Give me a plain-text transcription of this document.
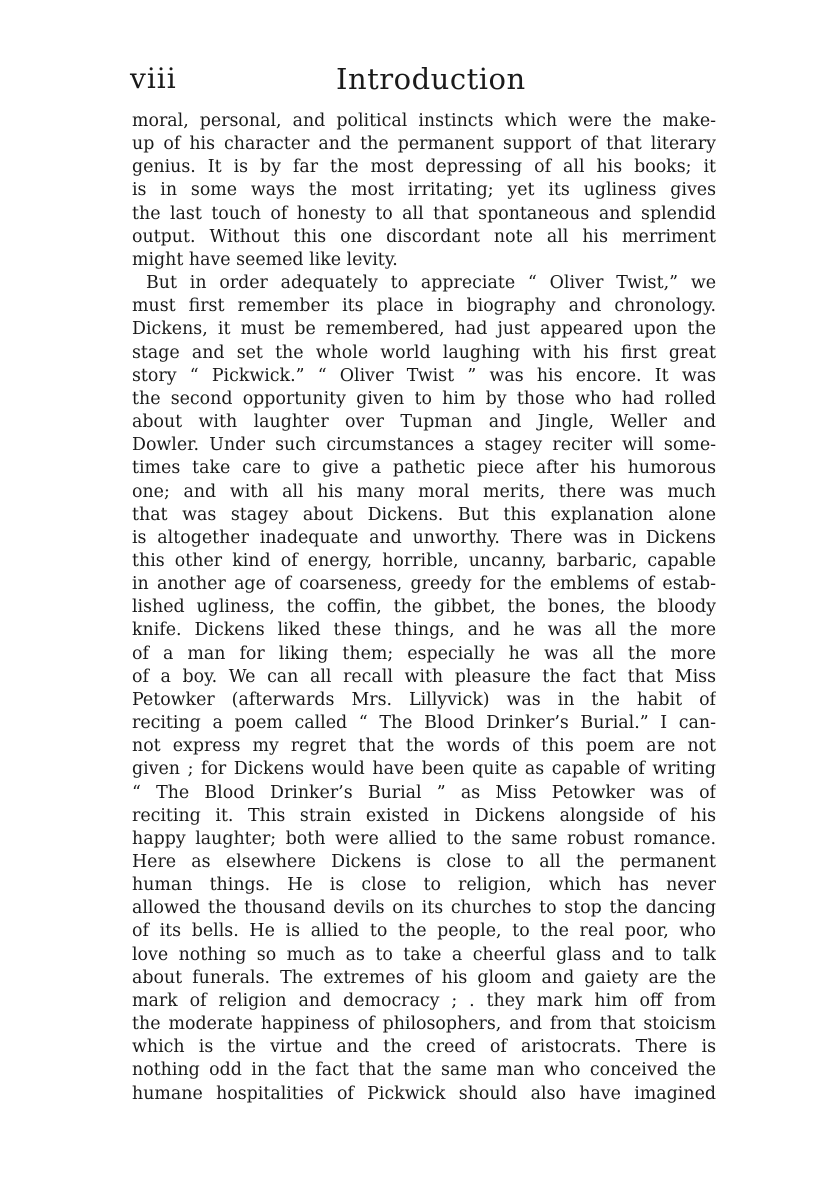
viii	Introduction
moral, personal, and political instincts which were the make-
up of his character and the permanent support of that literary
genius. It is by far the most depressing of all his books; it
is in some ways the most irritating; yet its ugliness gives
the last touch of honesty to all that spontaneous and splendid
output. Without this one discordant note all his merriment
might have seemed like levity.
But in order adequately to appreciate “ Oliver Twist,” we
must first remember its place in biography and chronology.
Dickens, it must be remembered, had just appeared upon the
stage and set the whole world laughing with his first great
story “ Pickwick.” “ Oliver Twist ” was his encore. It was
the second opportunity given to him by those who had rolled
about with laughter over Tupman and Jingle, Weller and
Dowler. Under such circumstances a stagey reciter will some-
times take care to give a pathetic piece after his humorous
one; and with all his many moral merits, there was much
that was stagey about Dickens. But this explanation alone
is altogether inadequate and unworthy. There was in Dickens
this other kind of energy, horrible, uncanny, barbaric, capable
in another age of coarseness, greedy for the emblems of estab-
lished ugliness, the coffin, the gibbet, the bones, the bloody
knife. Dickens liked these things, and he was all the more
of a man for liking them; especially he was all the more
of a boy. We can all recall with pleasure the fact that Miss
Petowker (afterwards Mrs. Lillyvick) was in the habit of
reciting a poem called “ The Blood Drinker’s Burial.” I can-
not express my regret that the words of this poem are not
given ; for Dickens would have been quite as capable of writing
“ The Blood Drinker’s Burial ” as Miss Petowker was of
reciting it. This strain existed in Dickens alongside of his
happy laughter; both were allied to the same robust romance.
Here as elsewhere Dickens is close to all the permanent
human things. He is close to religion, which has never
allowed the thousand devils on its churches to stop the dancing
of its bells. He is allied to the people, to the real poor, who
love nothing so much as to take a cheerful glass and to talk
about funerals. The extremes of his gloom and gaiety are the
mark of religion and democracy ; . they mark him off from
the moderate happiness of philosophers, and from that stoicism
which is the virtue and the creed of aristocrats. There is
nothing odd in the fact that the same man who conceived the
humane hospitalities of Pickwick should also have imagined
